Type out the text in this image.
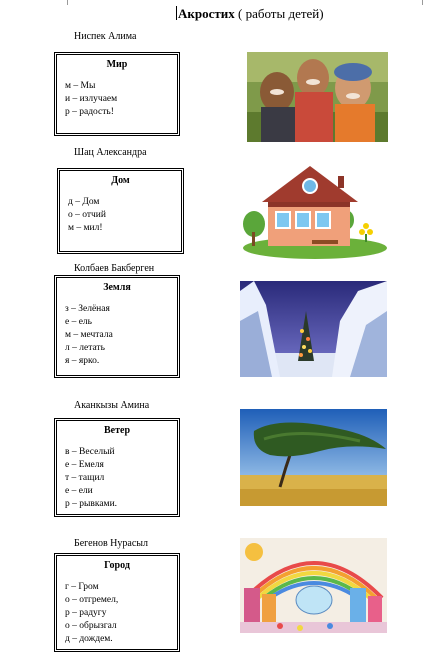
Акростих ( работы детей)
Ниспек Алима
Мир
м – Мы
и – излучаем
р – радость!
Шац Александра
Дом
д – Дом
о – отчий
м – мил!
Колбаев Бакберген
Земля
з – Зелёная
е – ель
м – мечтала
л – летать
я – ярко.
Аканкызы Амина
Ветер
в – Веселый
е – Емеля
т – тащил
е – ели
р – рывками.
Бегенов Нурасыл
Город
г – Гром
о – отгремел,
р – радугу
о – обрызгал
д – дождем.
